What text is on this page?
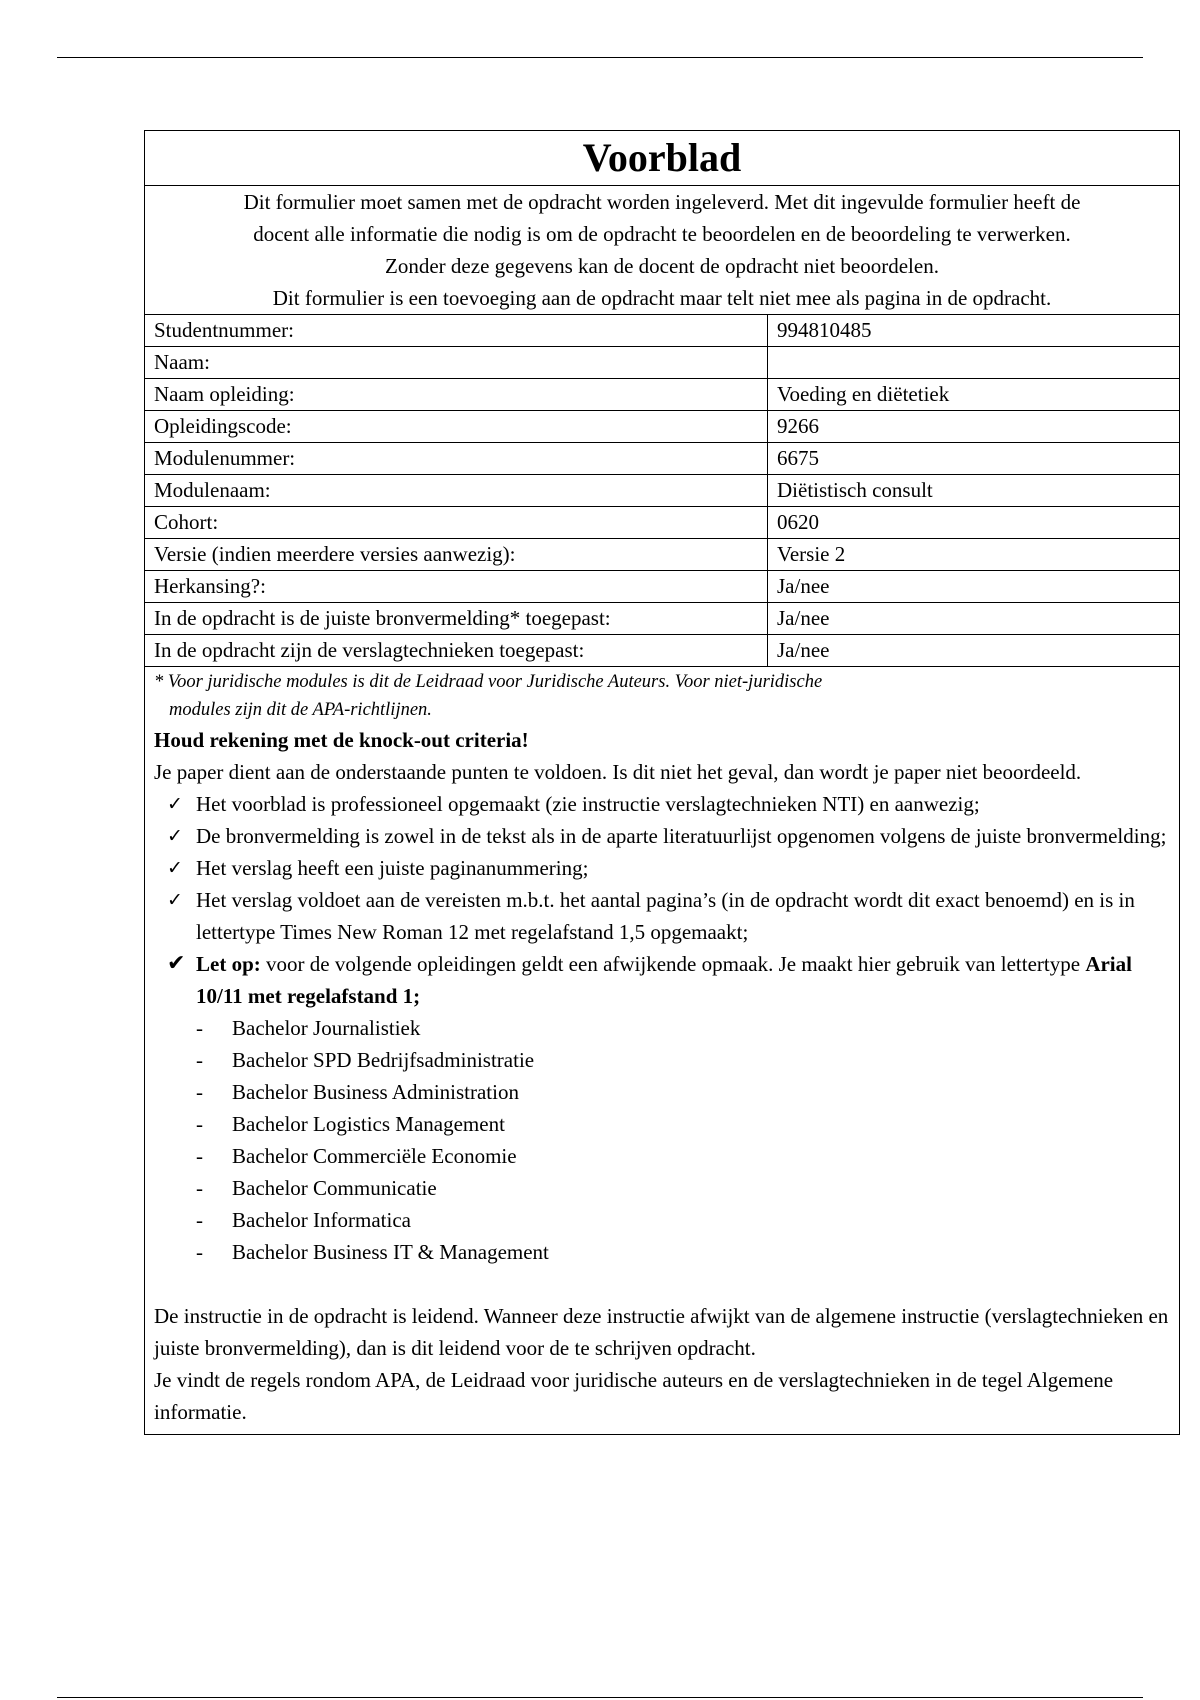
Voorblad

Dit formulier moet samen met de opdracht worden ingeleverd. Met dit ingevulde formulier heeft de

docent alle informatie die nodig is om de opdracht te beoordelen en de beoordeling te verwerken.

Zonder deze gegevens kan de docent de opdracht niet beoordelen.

Dit formulier is een toevoeging aan de opdracht maar telt niet mee als pagina in de opdracht.

Studentnummer:	994810485
Naam:	
Naam opleiding:	Voeding en diëtetiek
Opleidingscode:	9266
Modulenummer:	6675
Modulenaam:	Diëtistisch consult
Cohort:	0620
Versie (indien meerdere versies aanwezig):	Versie 2
Herkansing?:	Ja/nee
In de opdracht is de juiste bronvermelding* toegepast:	Ja/nee
In de opdracht zijn de verslagtechnieken toegepast:	Ja/nee

* Voor juridische modules is dit de Leidraad voor Juridische Auteurs. Voor niet-juridische
modules zijn dit de APA-richtlijnen.

Houd rekening met de knock-out criteria!

Je paper dient aan de onderstaande punten te voldoen. Is dit niet het geval, dan wordt je paper niet beoordeeld.

✓ Het voorblad is professioneel opgemaakt (zie instructie verslagtechnieken NTI) en aanwezig;
✓ De bronvermelding is zowel in de tekst als in de aparte literatuurlijst opgenomen volgens de juiste bronvermelding;
✓ Het verslag heeft een juiste paginanummering;
✓ Het verslag voldoet aan de vereisten m.b.t. het aantal pagina’s (in de opdracht wordt dit exact benoemd) en is in lettertype Times New Roman 12 met regelafstand 1,5 opgemaakt;
✔ Let op: voor de volgende opleidingen geldt een afwijkende opmaak. Je maakt hier gebruik van lettertype Arial 10/11 met regelafstand 1;
- Bachelor Journalistiek
- Bachelor SPD Bedrijfsadministratie
- Bachelor Business Administration
- Bachelor Logistics Management
- Bachelor Commerciële Economie
- Bachelor Communicatie
- Bachelor Informatica
- Bachelor Business IT & Management

De instructie in de opdracht is leidend. Wanneer deze instructie afwijkt van de algemene instructie (verslagtechnieken en juiste bronvermelding), dan is dit leidend voor de te schrijven opdracht.

Je vindt de regels rondom APA, de Leidraad voor juridische auteurs en de verslagtechnieken in de tegel Algemene informatie.
